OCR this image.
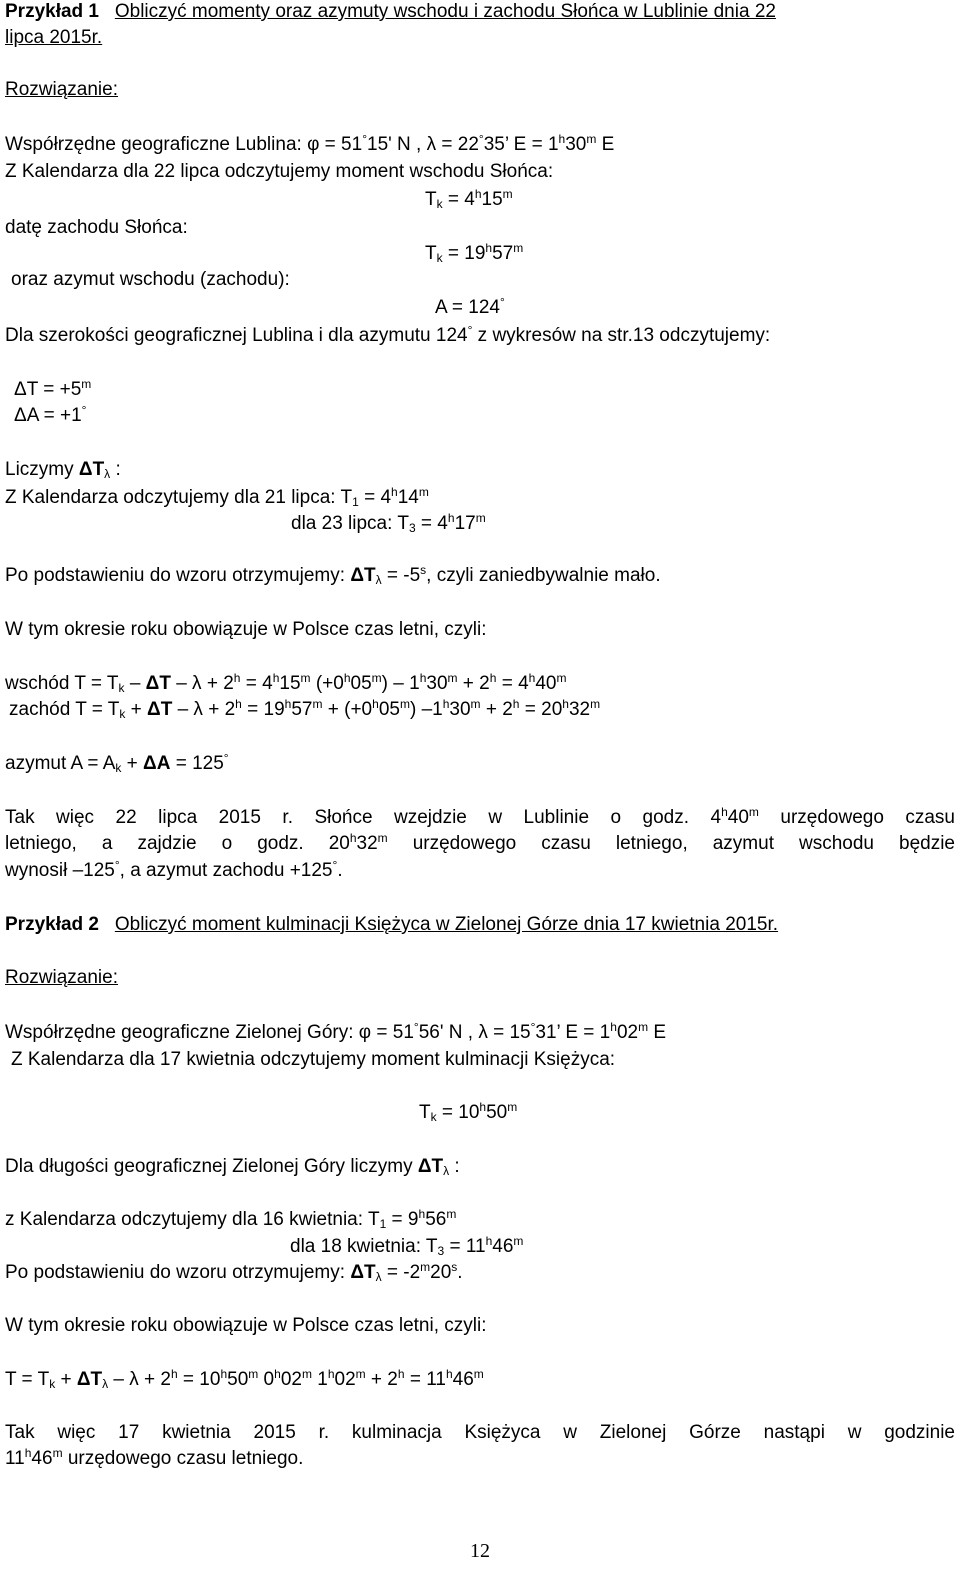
Przykład 1 Obliczyć momenty oraz azymuty wschodu i zachodu Słońca w Lublinie dnia 22
lipca 2015r.
Rozwiązanie:
Współrzędne geograficzne Lublina: φ = 51°15' N , λ = 22°35’ $E = 1^h30^m$ E
Z Kalendarza dla 22 lipca odczytujemy moment wschodu Słońca:
$T_k = 4^h15^m$
datę zachodu Słońca:
$T_k = 19^h57^m$
oraz azymut wschodu (zachodu):
A = 124°
Dla szerokości geograficznej Lublina i dla azymutu 124° z wykresów na str.13 odczytujemy:
$\Delta T = +5^m$
ΔA = +1°
Liczymy $\Delta T_\lambda$ :
Z Kalendarza odczytujemy dla 21 lipca: $T_1 = 4^h14^m$
dla 23 lipca: $T_3 = 4^h17^m$
Po podstawieniu do wzoru otrzymujemy: $\Delta T_\lambda = -5^s$, czyli zaniedbywalnie mało.
W tym okresie roku obowiązuje w Polsce czas letni, czyli:
wschód $T = T_k - \Delta T - \lambda + 2^h = 4^h15^m$ $(+0^h05^m) - 1^h30^m + 2^h = 4^h40^m$
zachód $T = T_k + \Delta T - \lambda + 2^h = 19^h57^m + (+0^h05^m) -1^h30^m + 2^h = 20^h32^m$
azymut $A = A_k + \Delta A = 125^\circ$
Tak więc 22 lipca 2015 r. Słońce wzejdzie w Lublinie o godz. 4$^h$40$^m$ urzędowego czasu
letniego, a zajdzie o godz. 20$^h$32$^m$ urzędowego czasu letniego, azymut wschodu będzie
wynosił –125°, a azymut zachodu +125°.
Przykład 2 Obliczyć moment kulminacji Księżyca w Zielonej Górze dnia 17 kwietnia 2015r.
Rozwiązanie:
Współrzędne geograficzne Zielonej Góry: φ = 51°56' N , λ = 15°31’ $E = 1^h02^m$ E
Z Kalendarza dla 17 kwietnia odczytujemy moment kulminacji Księżyca:
$T_k = 10^h50^m$
Dla długości geograficznej Zielonej Góry liczymy $\Delta T_\lambda$ :
z Kalendarza odczytujemy dla 16 kwietnia: $T_1 = 9^h56^m$
dla 18 kwietnia: $T_3 = 11^h46^m$
Po podstawieniu do wzoru otrzymujemy: $\Delta T_\lambda = -2^m20^s$.
W tym okresie roku obowiązuje w Polsce czas letni, czyli:
$T = T_k + \Delta T_\lambda - \lambda + 2^h = 10^h50^m$ 0$^h$02$^m$ $1^h02^m + 2^h = 11^h46^m$
Tak więc 17 kwietnia 2015 r. kulminacja Księżyca w Zielonej Górze nastąpi w godzinie
11$^h$46$^m$ urzędowego czasu letniego.
12
